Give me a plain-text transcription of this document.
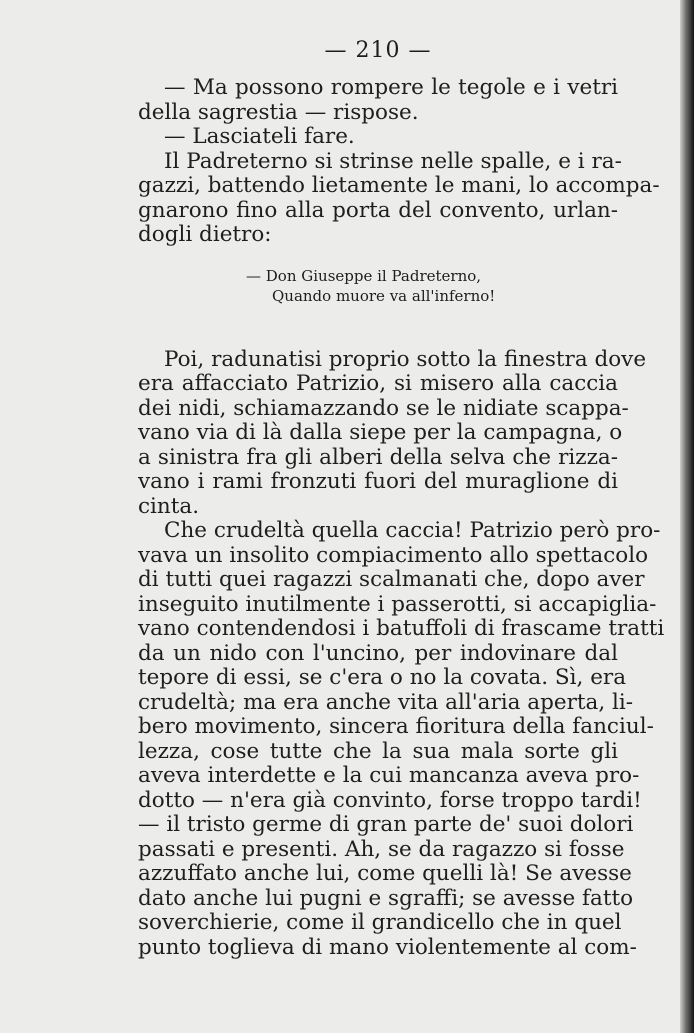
— 210 —

— Ma possono rompere le tegole e i vetri
della sagrestia — rispose.

— Lasciateli fare.

Il Padreterno si strinse nelle spalle, e i ra-
gazzi, battendo lietamente le mani, lo accompa-
gnarono fino alla porta del convento, urlan-
dogli dietro:

— Don Giuseppe il Padreterno,
Quando muore va all'inferno!

Poi, radunatisi proprio sotto la finestra dove
era affacciato Patrizio, si misero alla caccia
dei nidi, schiamazzando se le nidiate scappa-
vano via di là dalla siepe per la campagna, o
a sinistra fra gli alberi della selva che rizza-
vano i rami fronzuti fuori del muraglione di
cinta.

Che crudeltà quella caccia! Patrizio però pro-
vava un insolito compiacimento allo spettacolo
di tutti quei ragazzi scalmanati che, dopo aver
inseguito inutilmente i passerotti, si accapiglia-
vano contendendosi i batuffoli di frascame tratti
da un nido con l'uncino, per indovinare dal
tepore di essi, se c'era o no la covata. Sì, era
crudeltà; ma era anche vita all'aria aperta, li-
bero movimento, sincera fioritura della fanciul-
lezza, cose tutte che la sua mala sorte gli
aveva interdette e la cui mancanza aveva pro-
dotto — n'era già convinto, forse troppo tardi!
— il tristo germe di gran parte de' suoi dolori
passati e presenti. Ah, se da ragazzo si fosse
azzuffato anche lui, come quelli là! Se avesse
dato anche lui pugni e sgraffi; se avesse fatto
soverchierie, come il grandicello che in quel
punto toglieva di mano violentemente al com-
